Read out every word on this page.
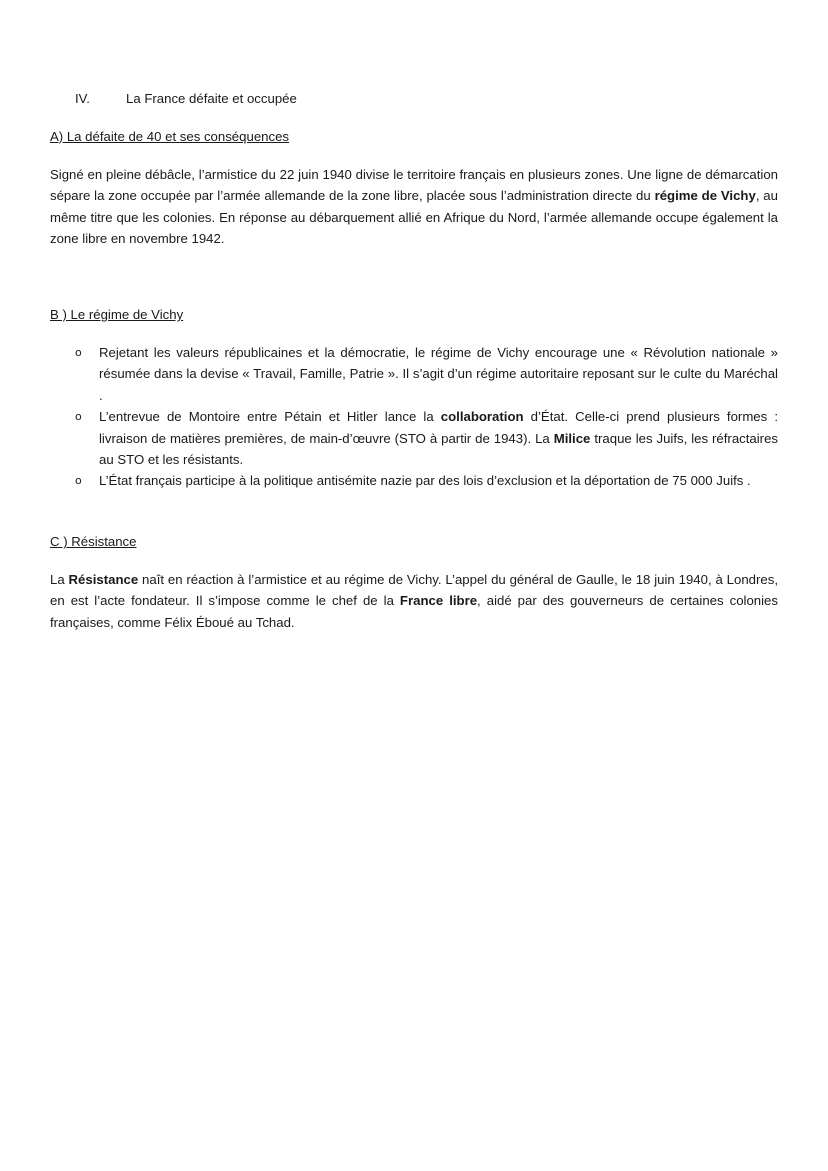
IV.	La France défaite et occupée
A) La défaite de 40 et ses conséquences

Signé en pleine débâcle, l’armistice du 22 juin 1940 divise le territoire français en plusieurs zones. Une ligne de démarcation sépare la zone occupée par l’armée allemande de la zone libre, placée sous l’administration directe du régime de Vichy, au même titre que les colonies. En réponse au débarquement allié en Afrique du Nord, l’armée allemande occupe également la zone libre en novembre 1942.

B ) Le régime de Vichy
o Rejetant les valeurs républicaines et la démocratie, le régime de Vichy encourage une « Révolution nationale » résumée dans la devise « Travail, Famille, Patrie ». Il s’agit d’un régime autoritaire reposant sur le culte du Maréchal .
o L’entrevue de Montoire entre Pétain et Hitler lance la collaboration d’État. Celle-ci prend plusieurs formes : livraison de matières premières, de main-d’œuvre (STO à partir de 1943). La Milice traque les Juifs, les réfractaires au STO et les résistants.
o L’État français participe à la politique antisémite nazie par des lois d’exclusion et la déportation de 75 000 Juifs .
C ) Résistance

La Résistance naît en réaction à l’armistice et au régime de Vichy. L’appel du général de Gaulle, le 18 juin 1940, à Londres, en est l’acte fondateur. Il s’impose comme le chef de la France libre, aidé par des gouverneurs de certaines colonies françaises, comme Félix Éboué au Tchad.
